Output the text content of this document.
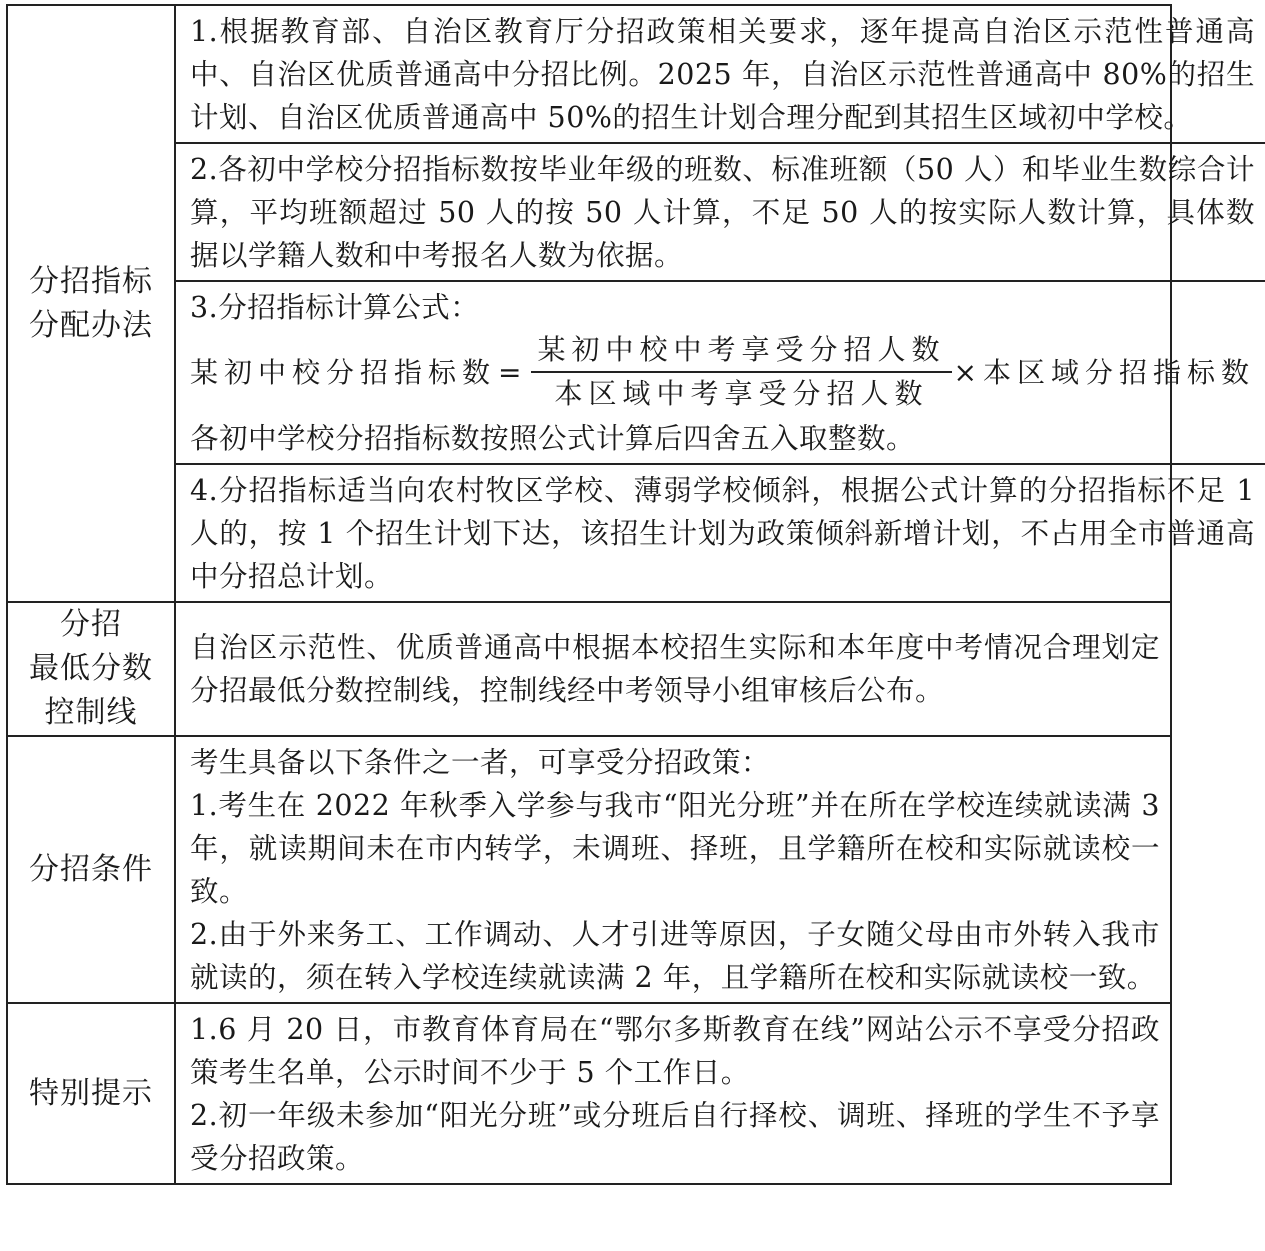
分招指标
分配办法

1.根据教育部、自治区教育厅分招政策相关要求，逐年提高自治区示范性普通高中、自治区优质普通高中分招比例。2025 年，自治区示范性普通高中 80%的招生计划、自治区优质普通高中 50%的招生计划合理分配到其招生区域初中学校。

2.各初中学校分招指标数按毕业年级的班数、标准班额（50 人）和毕业生数综合计算，平均班额超过 50 人的按 50 人计算，不足 50 人的按实际人数计算，具体数据以学籍人数和中考报名人数为依据。

3.分招指标计算公式：

某初中校分招指标数 = $\frac{\text{某初中校中考享受分招人数}}{\text{本区域中考享受分招人数}}$ ×本区域分招指标数

各初中学校分招指标数按照公式计算后四舍五入取整数。

4.分招指标适当向农村牧区学校、薄弱学校倾斜，根据公式计算的分招指标不足 1 人的，按 1 个招生计划下达，该招生计划为政策倾斜新增计划，不占用全市普通高中分招总计划。

分招
最低分数
控制线

自治区示范性、优质普通高中根据本校招生实际和本年度中考情况合理划定分招最低分数控制线，控制线经中考领导小组审核后公布。

分招条件

考生具备以下条件之一者，可享受分招政策：

1.考生在 2022 年秋季入学参与我市“阳光分班”并在所在学校连续就读满 3 年，就读期间未在市内转学，未调班、择班，且学籍所在校和实际就读校一致。

2.由于外来务工、工作调动、人才引进等原因，子女随父母由市外转入我市就读的，须在转入学校连续就读满 2 年，且学籍所在校和实际就读校一致。

特别提示

1.6 月 20 日，市教育体育局在“鄂尔多斯教育在线”网站公示不享受分招政策考生名单，公示时间不少于 5 个工作日。

2.初一年级未参加“阳光分班”或分班后自行择校、调班、择班的学生不予享受分招政策。
